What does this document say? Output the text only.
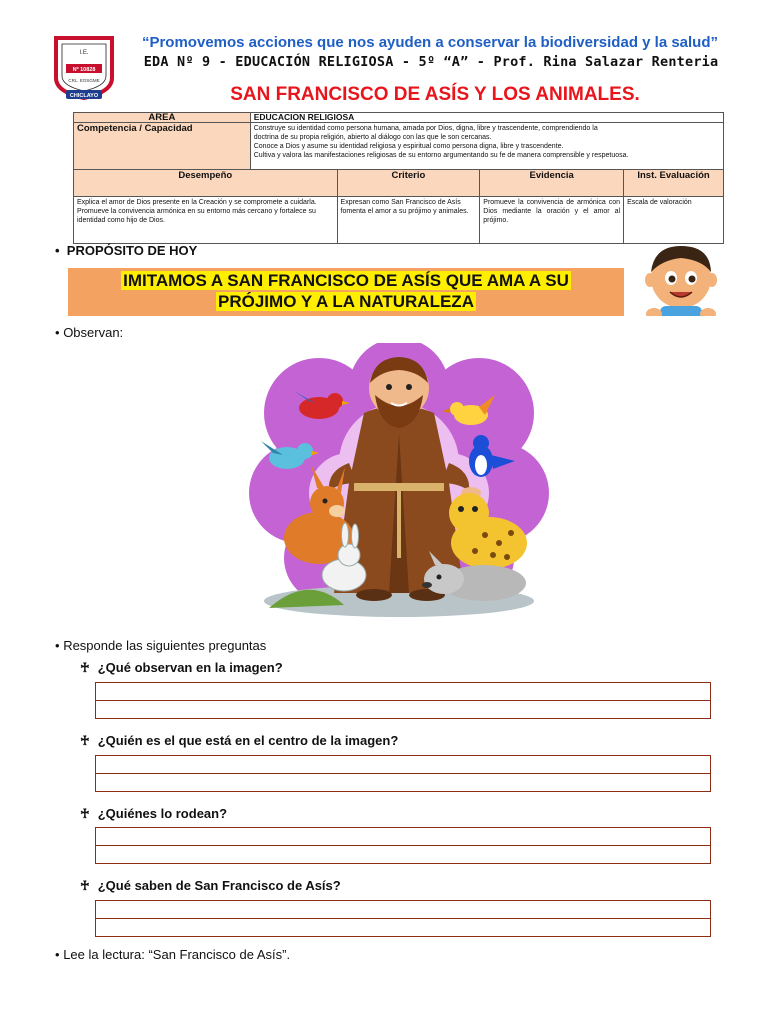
I.E.
Nº 10828
CRL. EOSGME
CHICLAYO
“Promovemos acciones que nos ayuden a conservar la biodiversidad y la salud”
EDA Nº 9 - EDUCACIÓN RELIGIOSA - 5º “A” - Prof. Rina Salazar Renteria
SAN FRANCISCO DE ASÍS Y LOS ANIMALES.
AREA	EDUCACION RELIGIOSA			
Competencia / Capacidad	Construye su identidad como persona humana, amada por Dios, digna, libre y trascendente, comprendiendo la
doctrina de su propia religión, abierto al diálogo con las que le son cercanas.
Conoce a Dios y asume su identidad religiosa y espiritual como persona digna, libre y trascendente.
Cultiva y valora las manifestaciones religiosas de su entorno argumentando su fe de manera comprensible y respetuosa.			

Desempeño		Criterio	Evidencia	Inst. Evaluación
Explica el amor de Dios presente en la Creación y se compromete a cuidarla. Promueve la convivencia armónica en su entorno más cercano y fortalece su identidad como hijo de Dios.		Expresan como San Francisco de Asís fomenta el amor a su prójimo y animales.	Promueve la convivencia de armónica con Dios mediante la oración y el amor al prójimo.	Escala de valoración
• PROPÓSITO DE HOY
IMITAMOS A SAN FRANCISCO DE ASÍS QUE AMA A SU
PRÓJIMO Y A LA NATURALEZA
• Observan:
• Responde las siguientes preguntas
♰ ¿Qué observan en la imagen?
♰ ¿Quién es el que está en el centro de la imagen?
♰ ¿Quiénes lo rodean?
♰ ¿Qué saben de San Francisco de Asís?
• Lee la lectura: “San Francisco de Asís”.
